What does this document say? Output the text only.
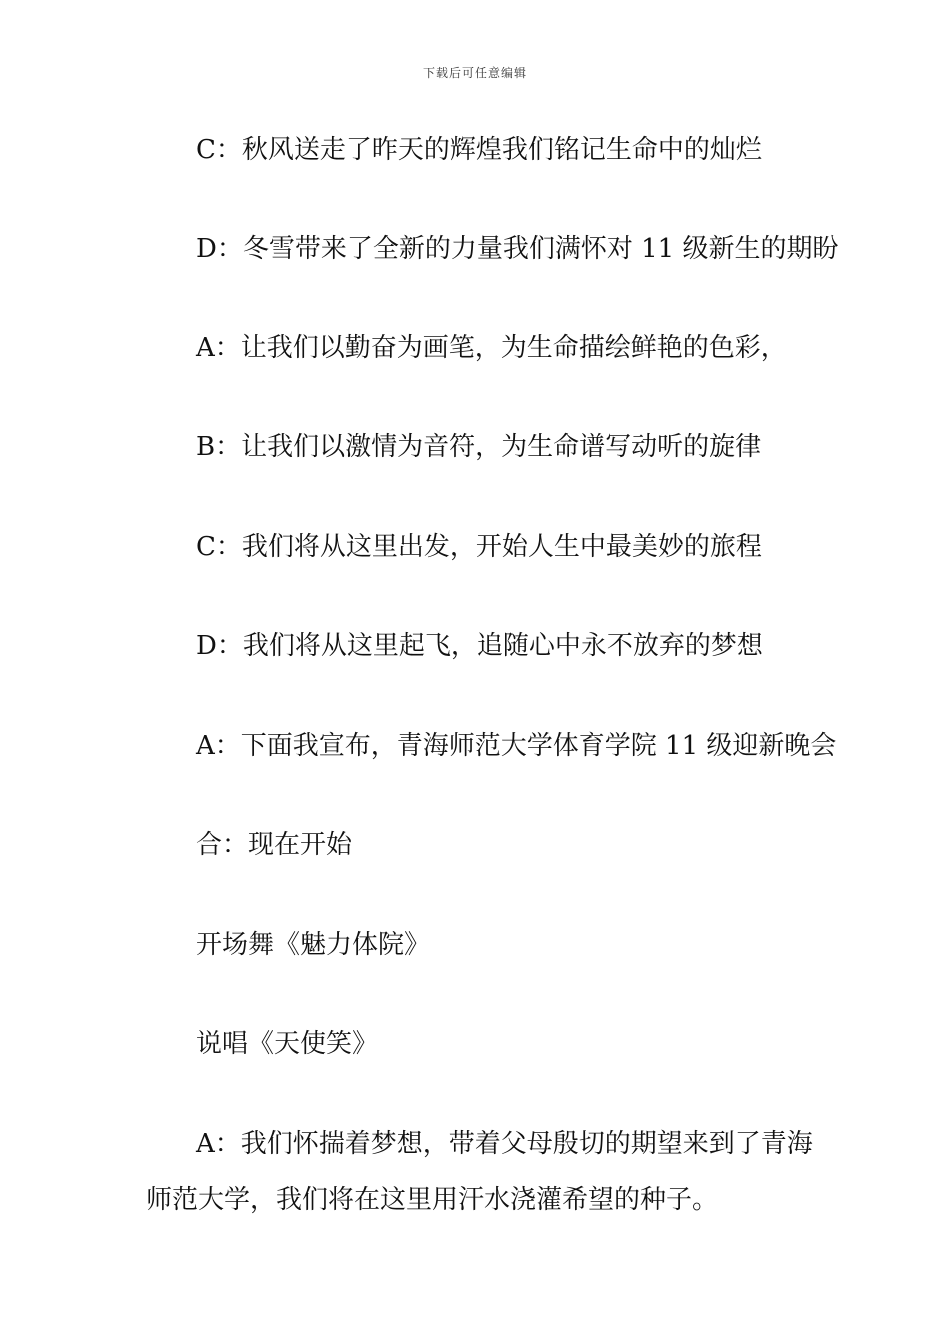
下载后可任意编辑
C：秋风送走了昨天的辉煌我们铭记生命中的灿烂
D：冬雪带来了全新的力量我们满怀对 11 级新生的期盼
A：让我们以勤奋为画笔，为生命描绘鲜艳的色彩，
B：让我们以激情为音符，为生命谱写动听的旋律
C：我们将从这里出发，开始人生中最美妙的旅程
D：我们将从这里起飞，追随心中永不放弃的梦想
A：下面我宣布，青海师范大学体育学院 11 级迎新晚会
合：现在开始
开场舞《魅力体院》
说唱《天使笑》
A：我们怀揣着梦想，带着父母殷切的期望来到了青海师范大学，我们将在这里用汗水浇灌希望的种子。
